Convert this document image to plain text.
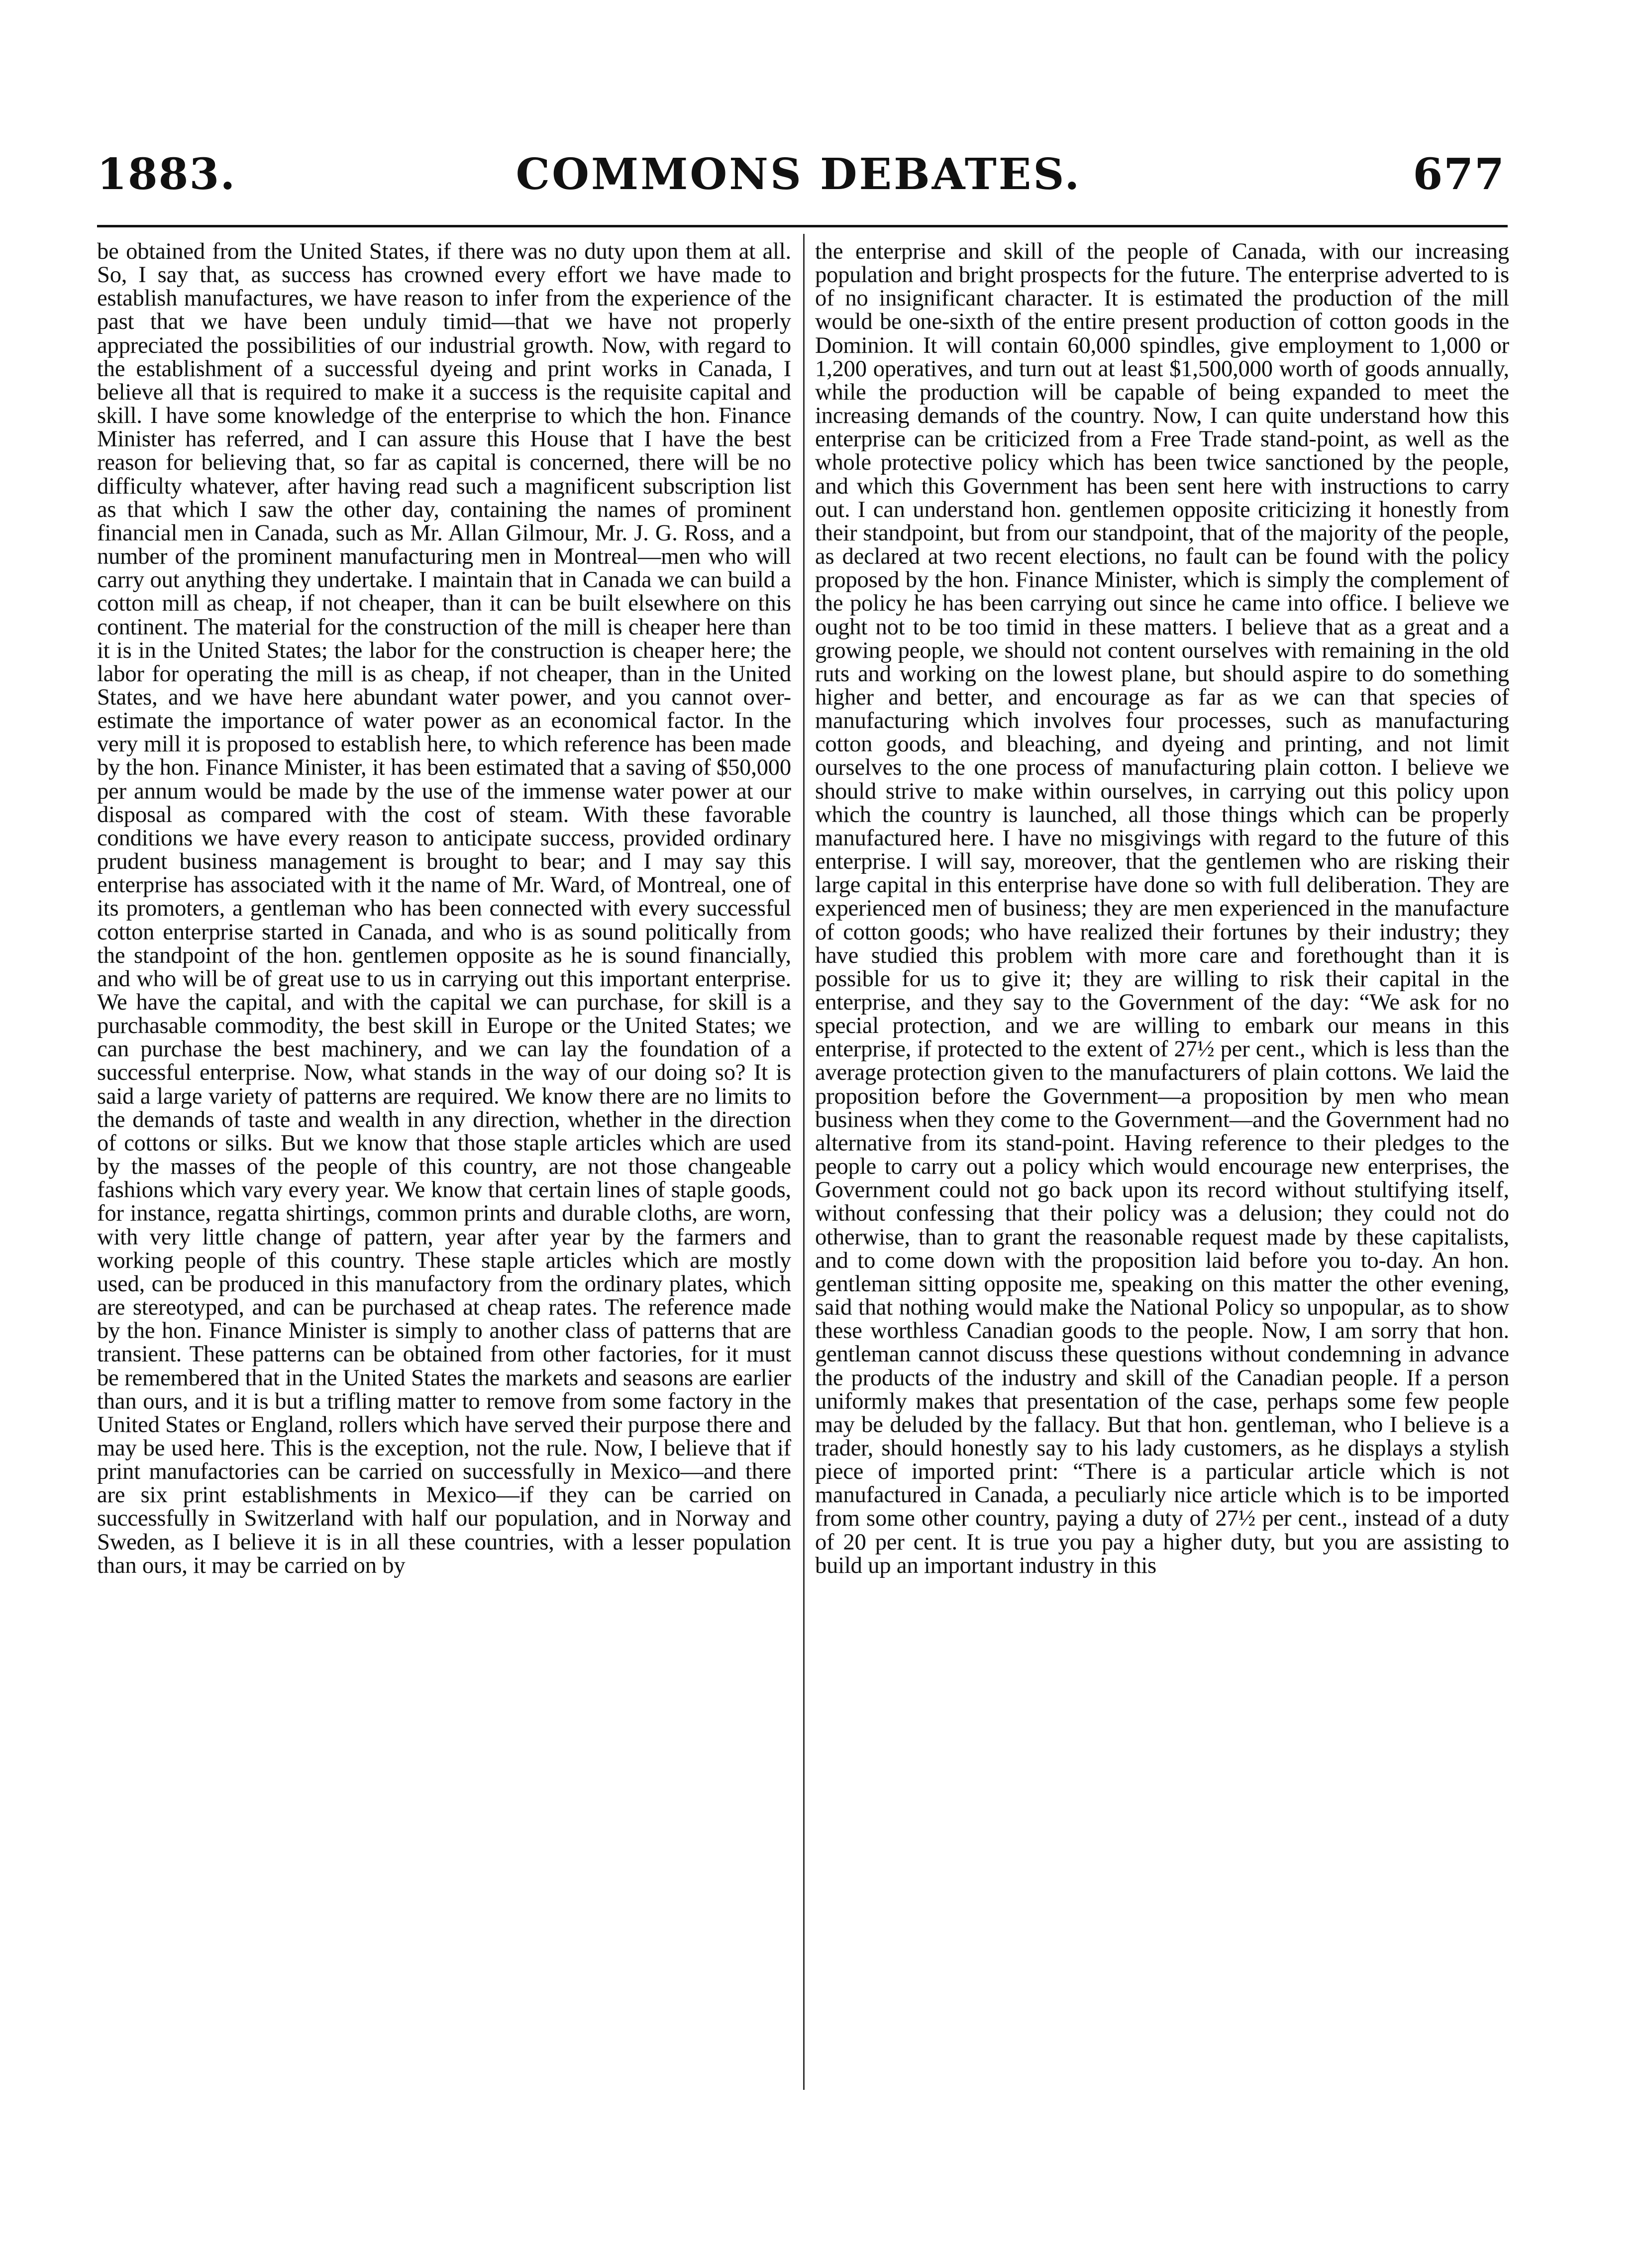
1883.	COMMONS DEBATES.	677

be obtained from the United States, if there was no duty upon them at all. So, I say that, as success has crowned every effort we have made to establish manufactures, we have reason to infer from the experience of the past that we have been unduly timid—that we have not properly appreciated the possibilities of our industrial growth. Now, with regard to the establishment of a successful dyeing and print works in Canada, I believe all that is required to make it a success is the requisite capital and skill. I have some knowledge of the enterprise to which the hon. Finance Minister has referred, and I can assure this House that I have the best reason for believing that, so far as capital is concerned, there will be no difficulty whatever, after having read such a magnificent subscription list as that which I saw the other day, containing the names of prominent financial men in Canada, such as Mr. Allan Gilmour, Mr. J. G. Ross, and a number of the prominent manufacturing men in Montreal—men who will carry out anything they undertake. I maintain that in Canada we can build a cotton mill as cheap, if not cheaper, than it can be built elsewhere on this continent. The material for the construction of the mill is cheaper here than it is in the United States; the labor for the construction is cheaper here; the labor for operating the mill is as cheap, if not cheaper, than in the United States, and we have here abundant water power, and you cannot over-estimate the importance of water power as an economical factor. In the very mill it is proposed to establish here, to which reference has been made by the hon. Finance Minister, it has been estimated that a saving of $50,000 per annum would be made by the use of the immense water power at our disposal as compared with the cost of steam. With these favorable conditions we have every reason to anticipate success, provided ordinary prudent business management is brought to bear; and I may say this enterprise has associated with it the name of Mr. Ward, of Montreal, one of its promoters, a gentleman who has been connected with every successful cotton enterprise started in Canada, and who is as sound politically from the standpoint of the hon. gentlemen opposite as he is sound financially, and who will be of great use to us in carrying out this important enterprise. We have the capital, and with the capital we can purchase, for skill is a purchasable commodity, the best skill in Europe or the United States; we can purchase the best machinery, and we can lay the foundation of a successful enterprise. Now, what stands in the way of our doing so? It is said a large variety of patterns are required. We know there are no limits to the demands of taste and wealth in any direction, whether in the direction of cottons or silks. But we know that those staple articles which are used by the masses of the people of this country, are not those changeable fashions which vary every year. We know that certain lines of staple goods, for instance, regatta shirtings, common prints and durable cloths, are worn, with very little change of pattern, year after year by the farmers and working people of this country. These staple articles which are mostly used, can be produced in this manufactory from the ordinary plates, which are stereotyped, and can be purchased at cheap rates. The reference made by the hon. Finance Minister is simply to another class of patterns that are transient. These patterns can be obtained from other factories, for it must be remembered that in the United States the markets and seasons are earlier than ours, and it is but a trifling matter to remove from some factory in the United States or England, rollers which have served their purpose there and may be used here. This is the exception, not the rule. Now, I believe that if print manufactories can be carried on successfully in Mexico—and there are six print establishments in Mexico—if they can be carried on successfully in Switzerland with half our population, and in Norway and Sweden, as I believe it is in all these countries, with a lesser population than ours, it may be carried on by

the enterprise and skill of the people of Canada, with our increasing population and bright prospects for the future. The enterprise adverted to is of no insignificant character. It is estimated the production of the mill would be one-sixth of the entire present production of cotton goods in the Dominion. It will contain 60,000 spindles, give employment to 1,000 or 1,200 operatives, and turn out at least $1,500,000 worth of goods annually, while the production will be capable of being expanded to meet the increasing demands of the country. Now, I can quite understand how this enterprise can be criticized from a Free Trade stand-point, as well as the whole protective policy which has been twice sanctioned by the people, and which this Government has been sent here with instructions to carry out. I can understand hon. gentlemen opposite criticizing it honestly from their standpoint, but from our standpoint, that of the majority of the people, as declared at two recent elections, no fault can be found with the policy proposed by the hon. Finance Minister, which is simply the complement of the policy he has been carrying out since he came into office. I believe we ought not to be too timid in these matters. I believe that as a great and a growing people, we should not content ourselves with remaining in the old ruts and working on the lowest plane, but should aspire to do something higher and better, and encourage as far as we can that species of manufacturing which involves four processes, such as manufacturing cotton goods, and bleaching, and dyeing and printing, and not limit ourselves to the one process of manufacturing plain cotton. I believe we should strive to make within ourselves, in carrying out this policy upon which the country is launched, all those things which can be properly manufactured here. I have no misgivings with regard to the future of this enterprise. I will say, moreover, that the gentlemen who are risking their large capital in this enterprise have done so with full deliberation. They are experienced men of business; they are men experienced in the manufacture of cotton goods; who have realized their fortunes by their industry; they have studied this problem with more care and forethought than it is possible for us to give it; they are willing to risk their capital in the enterprise, and they say to the Government of the day: “We ask for no special protection, and we are willing to embark our means in this enterprise, if protected to the extent of 27½ per cent., which is less than the average protection given to the manufacturers of plain cottons. We laid the proposition before the Government—a proposition by men who mean business when they come to the Government—and the Government had no alternative from its stand-point. Having reference to their pledges to the people to carry out a policy which would encourage new enterprises, the Government could not go back upon its record without stultifying itself, without confessing that their policy was a delusion; they could not do otherwise, than to grant the reasonable request made by these capitalists, and to come down with the proposition laid before you to-day. An hon. gentleman sitting opposite me, speaking on this matter the other evening, said that nothing would make the National Policy so unpopular, as to show these worthless Canadian goods to the people. Now, I am sorry that hon. gentleman cannot discuss these questions without condemning in advance the products of the industry and skill of the Canadian people. If a person uniformly makes that presentation of the case, perhaps some few people may be deluded by the fallacy. But that hon. gentleman, who I believe is a trader, should honestly say to his lady customers, as he displays a stylish piece of imported print: “There is a particular article which is not manufactured in Canada, a peculiarly nice article which is to be imported from some other country, paying a duty of 27½ per cent., instead of a duty of 20 per cent. It is true you pay a higher duty, but you are assisting to build up an important industry in this
